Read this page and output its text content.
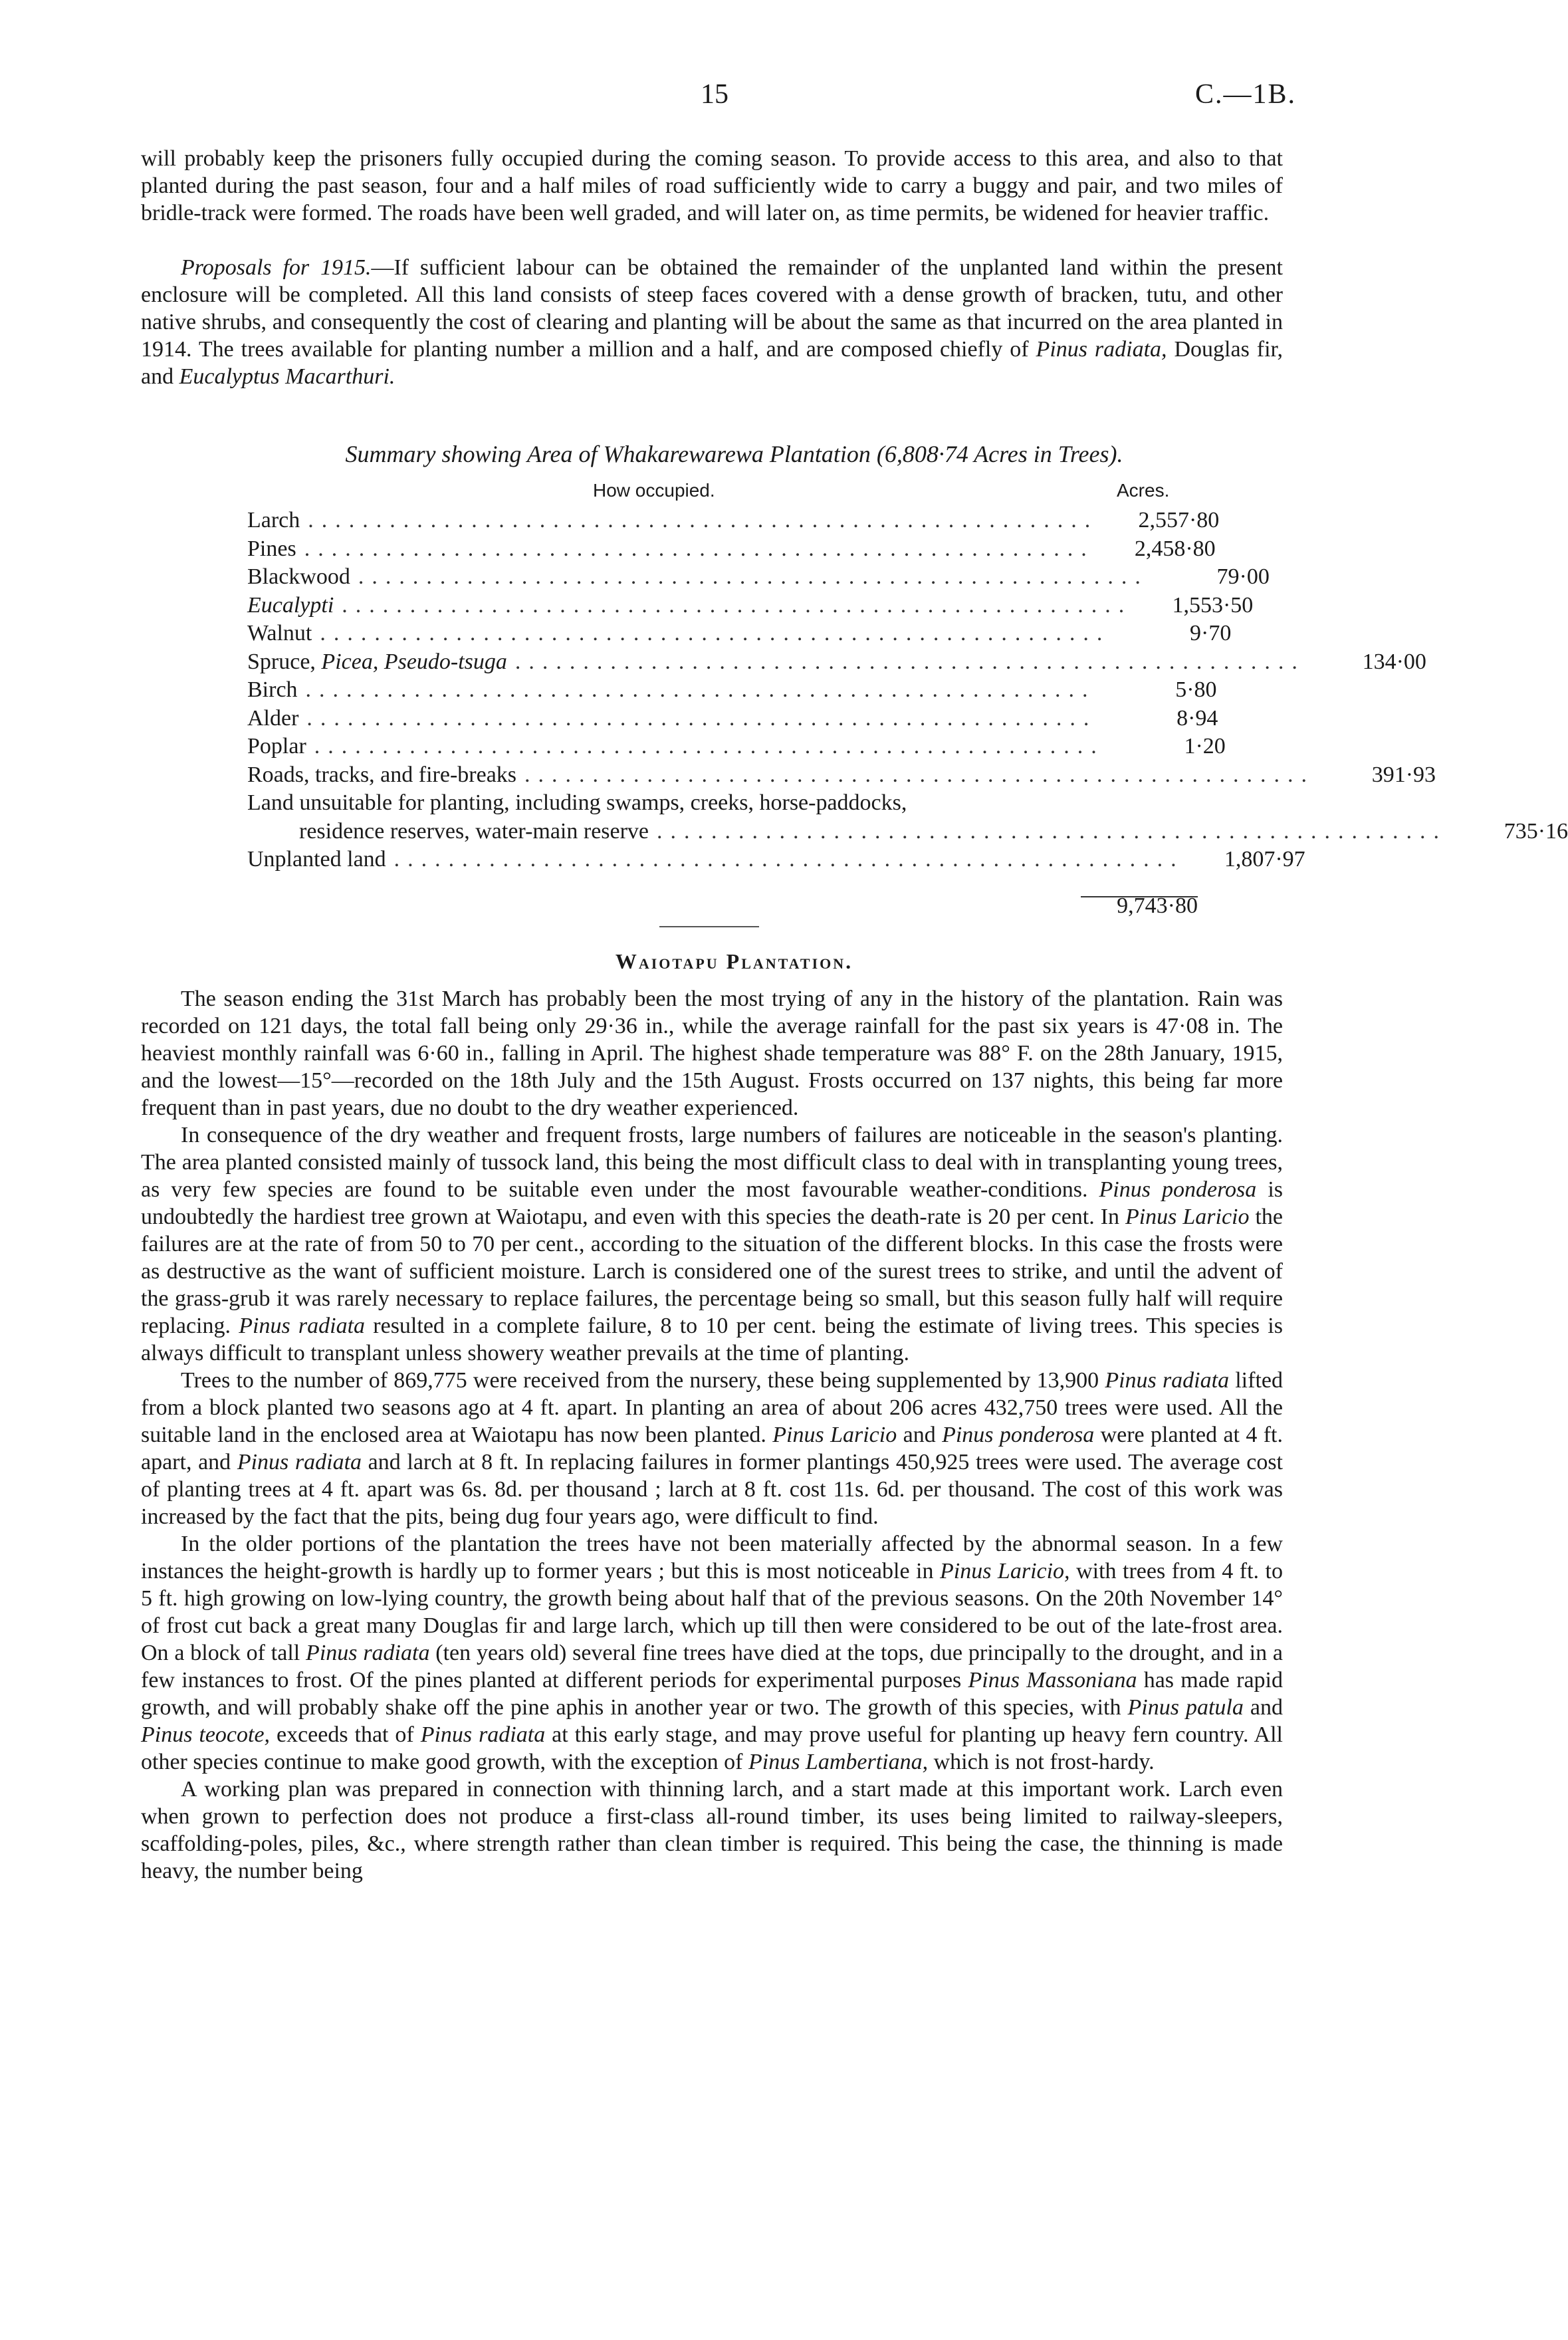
15	C.—1B.

will probably keep the prisoners fully occupied during the coming season. To provide access to this area, and also to that planted during the past season, four and a half miles of road sufficiently wide to carry a buggy and pair, and two miles of bridle-track were formed. The roads have been well graded, and will later on, as time permits, be widened for heavier traffic.

Proposals for 1915.—If sufficient labour can be obtained the remainder of the unplanted land within the present enclosure will be completed. All this land consists of steep faces covered with a dense growth of bracken, tutu, and other native shrubs, and consequently the cost of clearing and planting will be about the same as that incurred on the area planted in 1914. The trees available for planting number a million and a half, and are composed chiefly of Pinus radiata, Douglas fir, and Eucalyptus Macarthuri.

Summary showing Area of Whakarewarewa Plantation (6,808·74 Acres in Trees).

How occupied.	Acres.
Larch ..........................................................	2,557·80
Pines ..........................................................	2,458·80
Blackwood ..........................................................	79·00
Eucalypti ..........................................................	1,553·50
Walnut ..........................................................	9·70
Spruce, Picea, Pseudo-tsuga ..........................................................	134·00
Birch ..........................................................	5·80
Alder ..........................................................	8·94
Poplar ..........................................................	1·20
Roads, tracks, and fire-breaks ..........................................................	391·93
Land unsuitable for planting, including swamps, creeks, horse-paddocks,
residence reserves, water-main reserve ..........................................................	735·16
Unplanted land ..........................................................	1,807·97
9,743·80
Waiotapu Plantation.

The season ending the 31st March has probably been the most trying of any in the history of the plantation. Rain was recorded on 121 days, the total fall being only 29·36 in., while the average rainfall for the past six years is 47·08 in. The heaviest monthly rainfall was 6·60 in., falling in April. The highest shade temperature was 88° F. on the 28th January, 1915, and the lowest—15°—recorded on the 18th July and the 15th August. Frosts occurred on 137 nights, this being far more frequent than in past years, due no doubt to the dry weather experienced.

In consequence of the dry weather and frequent frosts, large numbers of failures are noticeable in the season's planting. The area planted consisted mainly of tussock land, this being the most difficult class to deal with in transplanting young trees, as very few species are found to be suitable even under the most favourable weather-conditions. Pinus ponderosa is undoubtedly the hardiest tree grown at Waiotapu, and even with this species the death-rate is 20 per cent. In Pinus Laricio the failures are at the rate of from 50 to 70 per cent., according to the situation of the different blocks. In this case the frosts were as destructive as the want of sufficient moisture. Larch is considered one of the surest trees to strike, and until the advent of the grass-grub it was rarely necessary to replace failures, the percentage being so small, but this season fully half will require replacing. Pinus radiata resulted in a complete failure, 8 to 10 per cent. being the estimate of living trees. This species is always difficult to transplant unless showery weather prevails at the time of planting.

Trees to the number of 869,775 were received from the nursery, these being supplemented by 13,900 Pinus radiata lifted from a block planted two seasons ago at 4 ft. apart. In planting an area of about 206 acres 432,750 trees were used. All the suitable land in the enclosed area at Waiotapu has now been planted. Pinus Laricio and Pinus ponderosa were planted at 4 ft. apart, and Pinus radiata and larch at 8 ft. In replacing failures in former plantings 450,925 trees were used. The average cost of planting trees at 4 ft. apart was 6s. 8d. per thousand ; larch at 8 ft. cost 11s. 6d. per thousand. The cost of this work was increased by the fact that the pits, being dug four years ago, were difficult to find.

In the older portions of the plantation the trees have not been materially affected by the abnormal season. In a few instances the height-growth is hardly up to former years ; but this is most noticeable in Pinus Laricio, with trees from 4 ft. to 5 ft. high growing on low-lying country, the growth being about half that of the previous seasons. On the 20th November 14° of frost cut back a great many Douglas fir and large larch, which up till then were considered to be out of the late-frost area. On a block of tall Pinus radiata (ten years old) several fine trees have died at the tops, due principally to the drought, and in a few instances to frost. Of the pines planted at different periods for experimental purposes Pinus Massoniana has made rapid growth, and will probably shake off the pine aphis in another year or two. The growth of this species, with Pinus patula and Pinus teocote, exceeds that of Pinus radiata at this early stage, and may prove useful for planting up heavy fern country. All other species continue to make good growth, with the exception of Pinus Lambertiana, which is not frost-hardy.

A working plan was prepared in connection with thinning larch, and a start made at this important work. Larch even when grown to perfection does not produce a first-class all-round timber, its uses being limited to railway-sleepers, scaffolding-poles, piles, &c., where strength rather than clean timber is required. This being the case, the thinning is made heavy, the number being
